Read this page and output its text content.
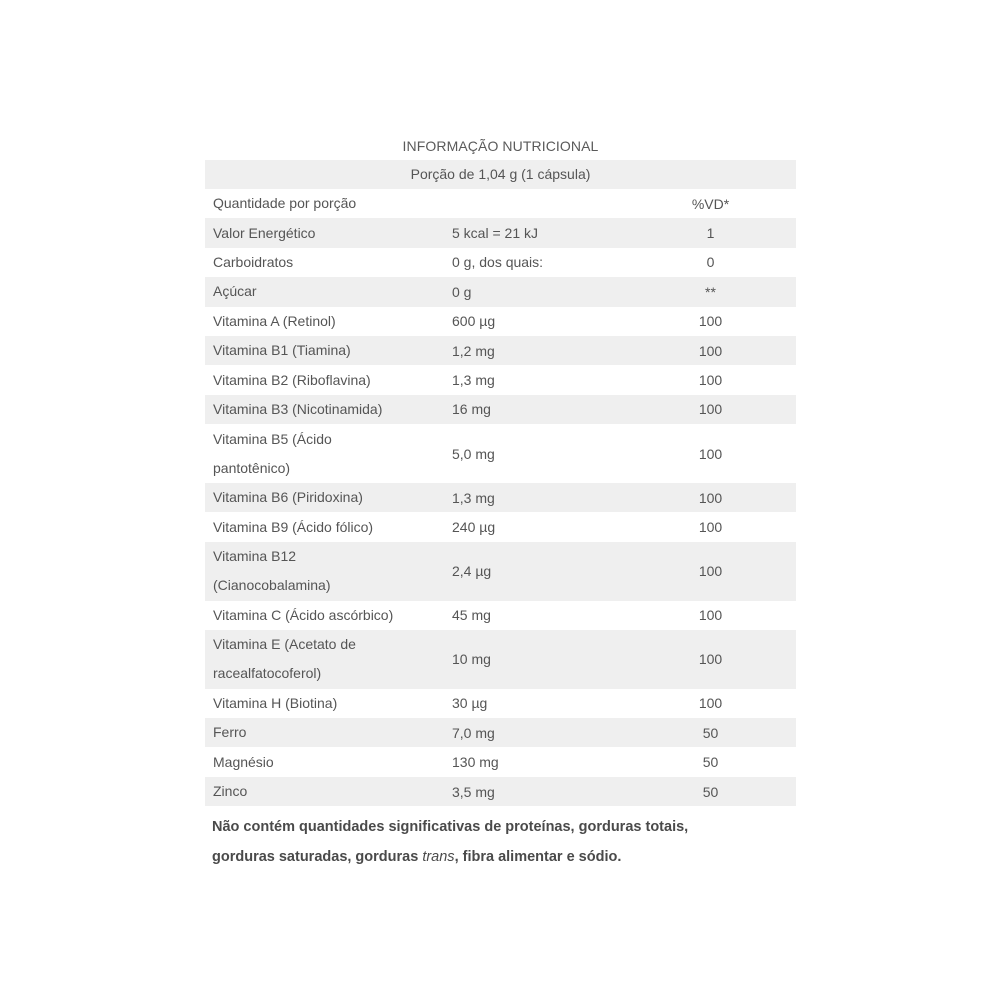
INFORMAÇÃO NUTRICIONAL
Porção de 1,04 g (1 cápsula)
Quantidade por porção		%VD*
Valor Energético	5 kcal = 21 kJ	1
Carboidratos	0 g, dos quais:	0
Açúcar	0 g	**
Vitamina A (Retinol)	600 µg	100
Vitamina B1 (Tiamina)	1,2 mg	100
Vitamina B2 (Riboflavina)	1,3 mg	100
Vitamina B3 (Nicotinamida)	16 mg	100

Vitamina B5 (Ácido
pantotênico)	5,0 mg	100
Vitamina B6 (Piridoxina)	1,3 mg	100
Vitamina B9 (Ácido fólico)	240 µg	100

Vitamina B12
(Cianocobalamina)	2,4 µg	100
Vitamina C (Ácido ascórbico)	45 mg	100

Vitamina E (Acetato de
racealfatocoferol)	10 mg	100
Vitamina H (Biotina)	30 µg	100
Ferro	7,0 mg	50
Magnésio	130 mg	50
Zinco	3,5 mg	50
Não contém quantidades significativas de proteínas, gorduras totais,
gorduras saturadas, gorduras trans, fibra alimentar e sódio.
